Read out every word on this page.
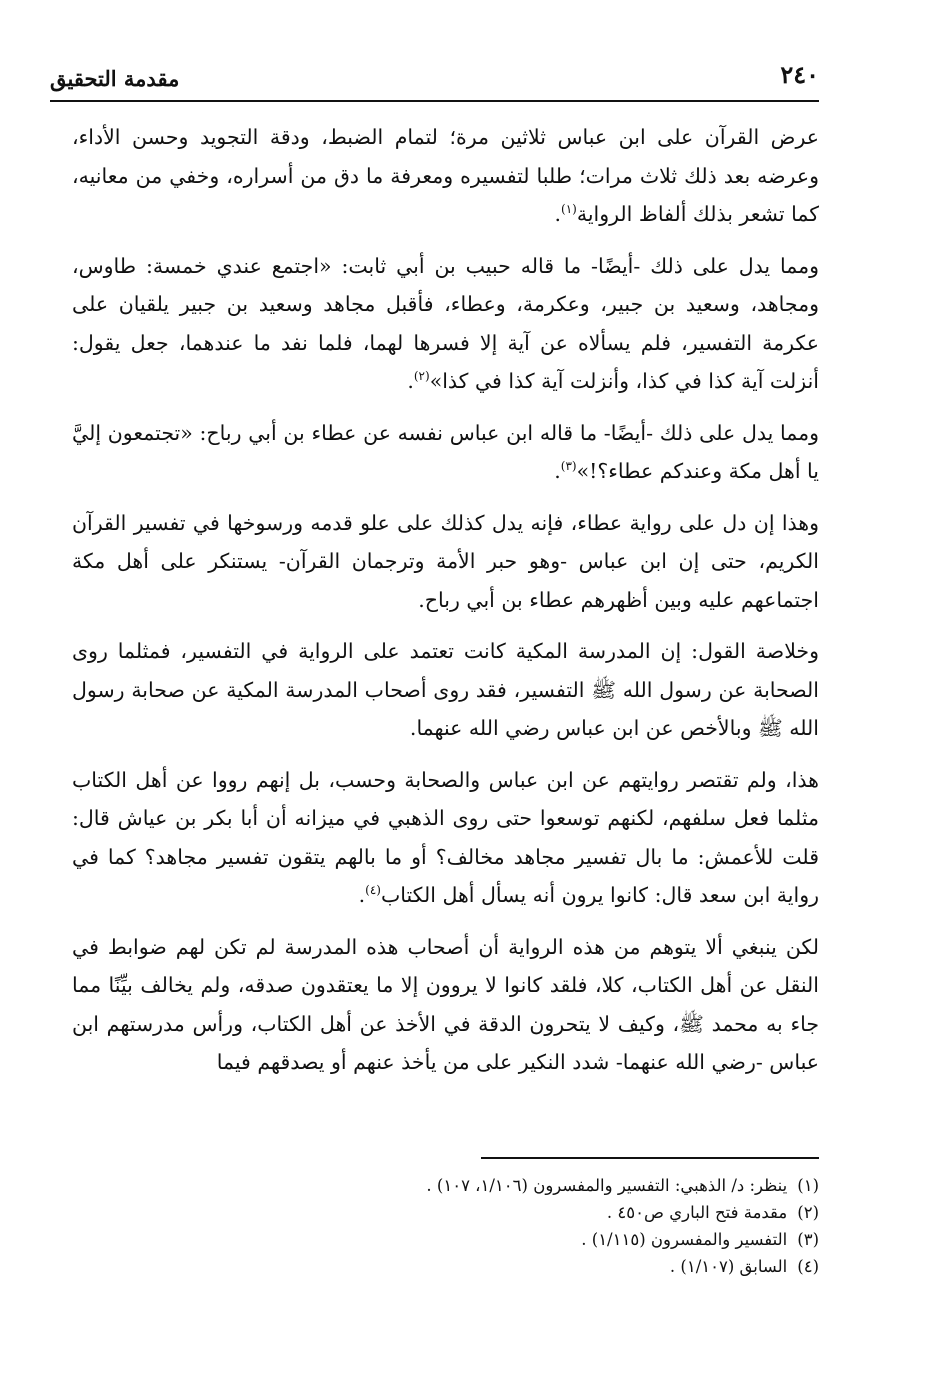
٢٤٠
مقدمة التحقيق

عرض القرآن على ابن عباس ثلاثين مرة؛ لتمام الضبط، ودقة التجويد وحسن الأداء، وعرضه بعد ذلك ثلاث مرات؛ طلبا لتفسيره ومعرفة ما دق من أسراره، وخفي من معانيه، كما تشعر بذلك ألفاظ الرواية$^{(١)}$.

ومما يدل على ذلك -أيضًا- ما قاله حبيب بن أبي ثابت: «اجتمع عندي خمسة: طاوس، ومجاهد، وسعيد بن جبير، وعكرمة، وعطاء، فأقبل مجاهد وسعيد بن جبير يلقيان على عكرمة التفسير، فلم يسألاه عن آية إلا فسرها لهما، فلما نفد ما عندهما، جعل يقول: أنزلت آية كذا في كذا، وأنزلت آية كذا في كذا»$^{(٢)}$.

ومما يدل على ذلك -أيضًا- ما قاله ابن عباس نفسه عن عطاء بن أبي رباح: «تجتمعون إليَّ يا أهل مكة وعندكم عطاء؟!»$^{(٣)}$.

وهذا إن دل على رواية عطاء، فإنه يدل كذلك على علو قدمه ورسوخها في تفسير القرآن الكريم، حتى إن ابن عباس -وهو حبر الأمة وترجمان القرآن- يستنكر على أهل مكة اجتماعهم عليه وبين أظهرهم عطاء بن أبي رباح.

وخلاصة القول: إن المدرسة المكية كانت تعتمد على الرواية في التفسير، فمثلما روى الصحابة عن رسول الله ﷺ التفسير، فقد روى أصحاب المدرسة المكية عن صحابة رسول الله ﷺ وبالأخص عن ابن عباس رضي الله عنهما.

هذا، ولم تقتصر روايتهم عن ابن عباس والصحابة وحسب، بل إنهم رووا عن أهل الكتاب مثلما فعل سلفهم، لكنهم توسعوا حتى روى الذهبي في ميزانه أن أبا بكر بن عياش قال: قلت للأعمش: ما بال تفسير مجاهد مخالف؟ أو ما بالهم يتقون تفسير مجاهد؟ كما في رواية ابن سعد قال: كانوا يرون أنه يسأل أهل الكتاب$^{(٤)}$.

لكن ينبغي ألا يتوهم من هذه الرواية أن أصحاب هذه المدرسة لم تكن لهم ضوابط في النقل عن أهل الكتاب، كلا، فلقد كانوا لا يروون إلا ما يعتقدون صدقه، ولم يخالف بيِّنًا مما جاء به محمد ﷺ، وكيف لا يتحرون الدقة في الأخذ عن أهل الكتاب، ورأس مدرستهم ابن عباس -رضي الله عنهما- شدد النكير على من يأخذ عنهم أو يصدقهم فيما

(١)ينظر: د/ الذهبي: التفسير والمفسرون (١/١٠٦، ١٠٧) .
(٢)مقدمة فتح الباري ص٤٥٠ .
(٣)التفسير والمفسرون (١/١١٥) .
(٤)السابق (١/١٠٧) .
